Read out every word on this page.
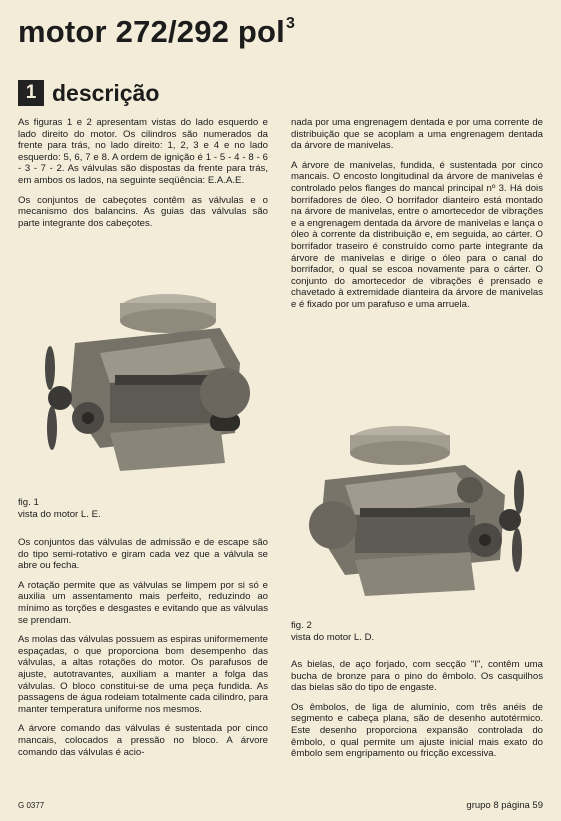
motor 272/292 pol$^3$
1 descrição

As figuras 1 e 2 apresentam vistas do lado esquerdo e lado direito do motor. Os cilindros são numerados da frente para trás, no lado direito: 1, 2, 3 e 4 e no lado esquerdo: 5, 6, 7 e 8. A ordem de ignição é 1 - 5 - 4 - 8 - 6 - 3 - 7 - 2. As válvulas são dispostas da frente para trás, em ambos os lados, na seguinte seqüência: E.A.A.E.

Os conjuntos de cabeçotes contêm as válvulas e o mecanismo dos balancins. As guias das válvulas são parte integrante dos cabeçotes.

fig. 1
vista do motor L. E.

Os conjuntos das válvulas de admissão e de escape são do tipo semi-rotativo e giram cada vez que a válvula se abre ou fecha.

A rotação permite que as válvulas se limpem por si só e auxilia um assentamento mais perfeito, reduzindo ao mínimo as torções e desgastes e evitando que as válvulas se prendam.

As molas das válvulas possuem as espiras uniformemente espaçadas, o que proporciona bom desempenho das válvulas, a altas rotações do motor. Os parafusos de ajuste, autotravantes, auxiliam a manter a folga das válvulas. O bloco constitui-se de uma peça fundida. As passagens de água rodeiam totalmente cada cilindro, para manter temperatura uniforme nos mesmos.

A árvore comando das válvulas é sustentada por cinco mancais, colocados a pressão no bloco. A árvore comando das válvulas é acio-

nada por uma engrenagem dentada e por uma corrente de distribuição que se acoplam a uma engrenagem dentada da árvore de manivelas.

A árvore de manivelas, fundida, é sustentada por cinco mancais. O encosto longitudinal da árvore de manivelas é controlado pelos flanges do mancal principal nº 3. Há dois borrifadores de óleo. O borrifador dianteiro está montado na árvore de manivelas, entre o amortecedor de vibrações e a engrenagem dentada da árvore de manivelas e lança o óleo à corrente da distribuição e, em seguida, ao cárter. O borrifador traseiro é construído como parte integrante da árvore de manivelas e dirige o óleo para o canal do borrifador, o qual se escoa novamente para o cárter. O conjunto do amortecedor de vibrações é prensado e chavetado à extremidade dianteira da árvore de manivelas e é fixado por um parafuso e uma arruela.

fig. 2
vista do motor L. D.

As bielas, de aço forjado, com secção "I", contêm uma bucha de bronze para o pino do êmbolo. Os casquilhos das bielas são do tipo de engaste.

Os êmbolos, de liga de alumínio, com três anéis de segmento e cabeça plana, são de desenho autotérmico. Este desenho proporciona expansão controlada do êmbolo, o qual permite um ajuste inicial mais exato do êmbolo sem engripamento ou fricção excessiva.

G 0377	grupo 8 página 59
